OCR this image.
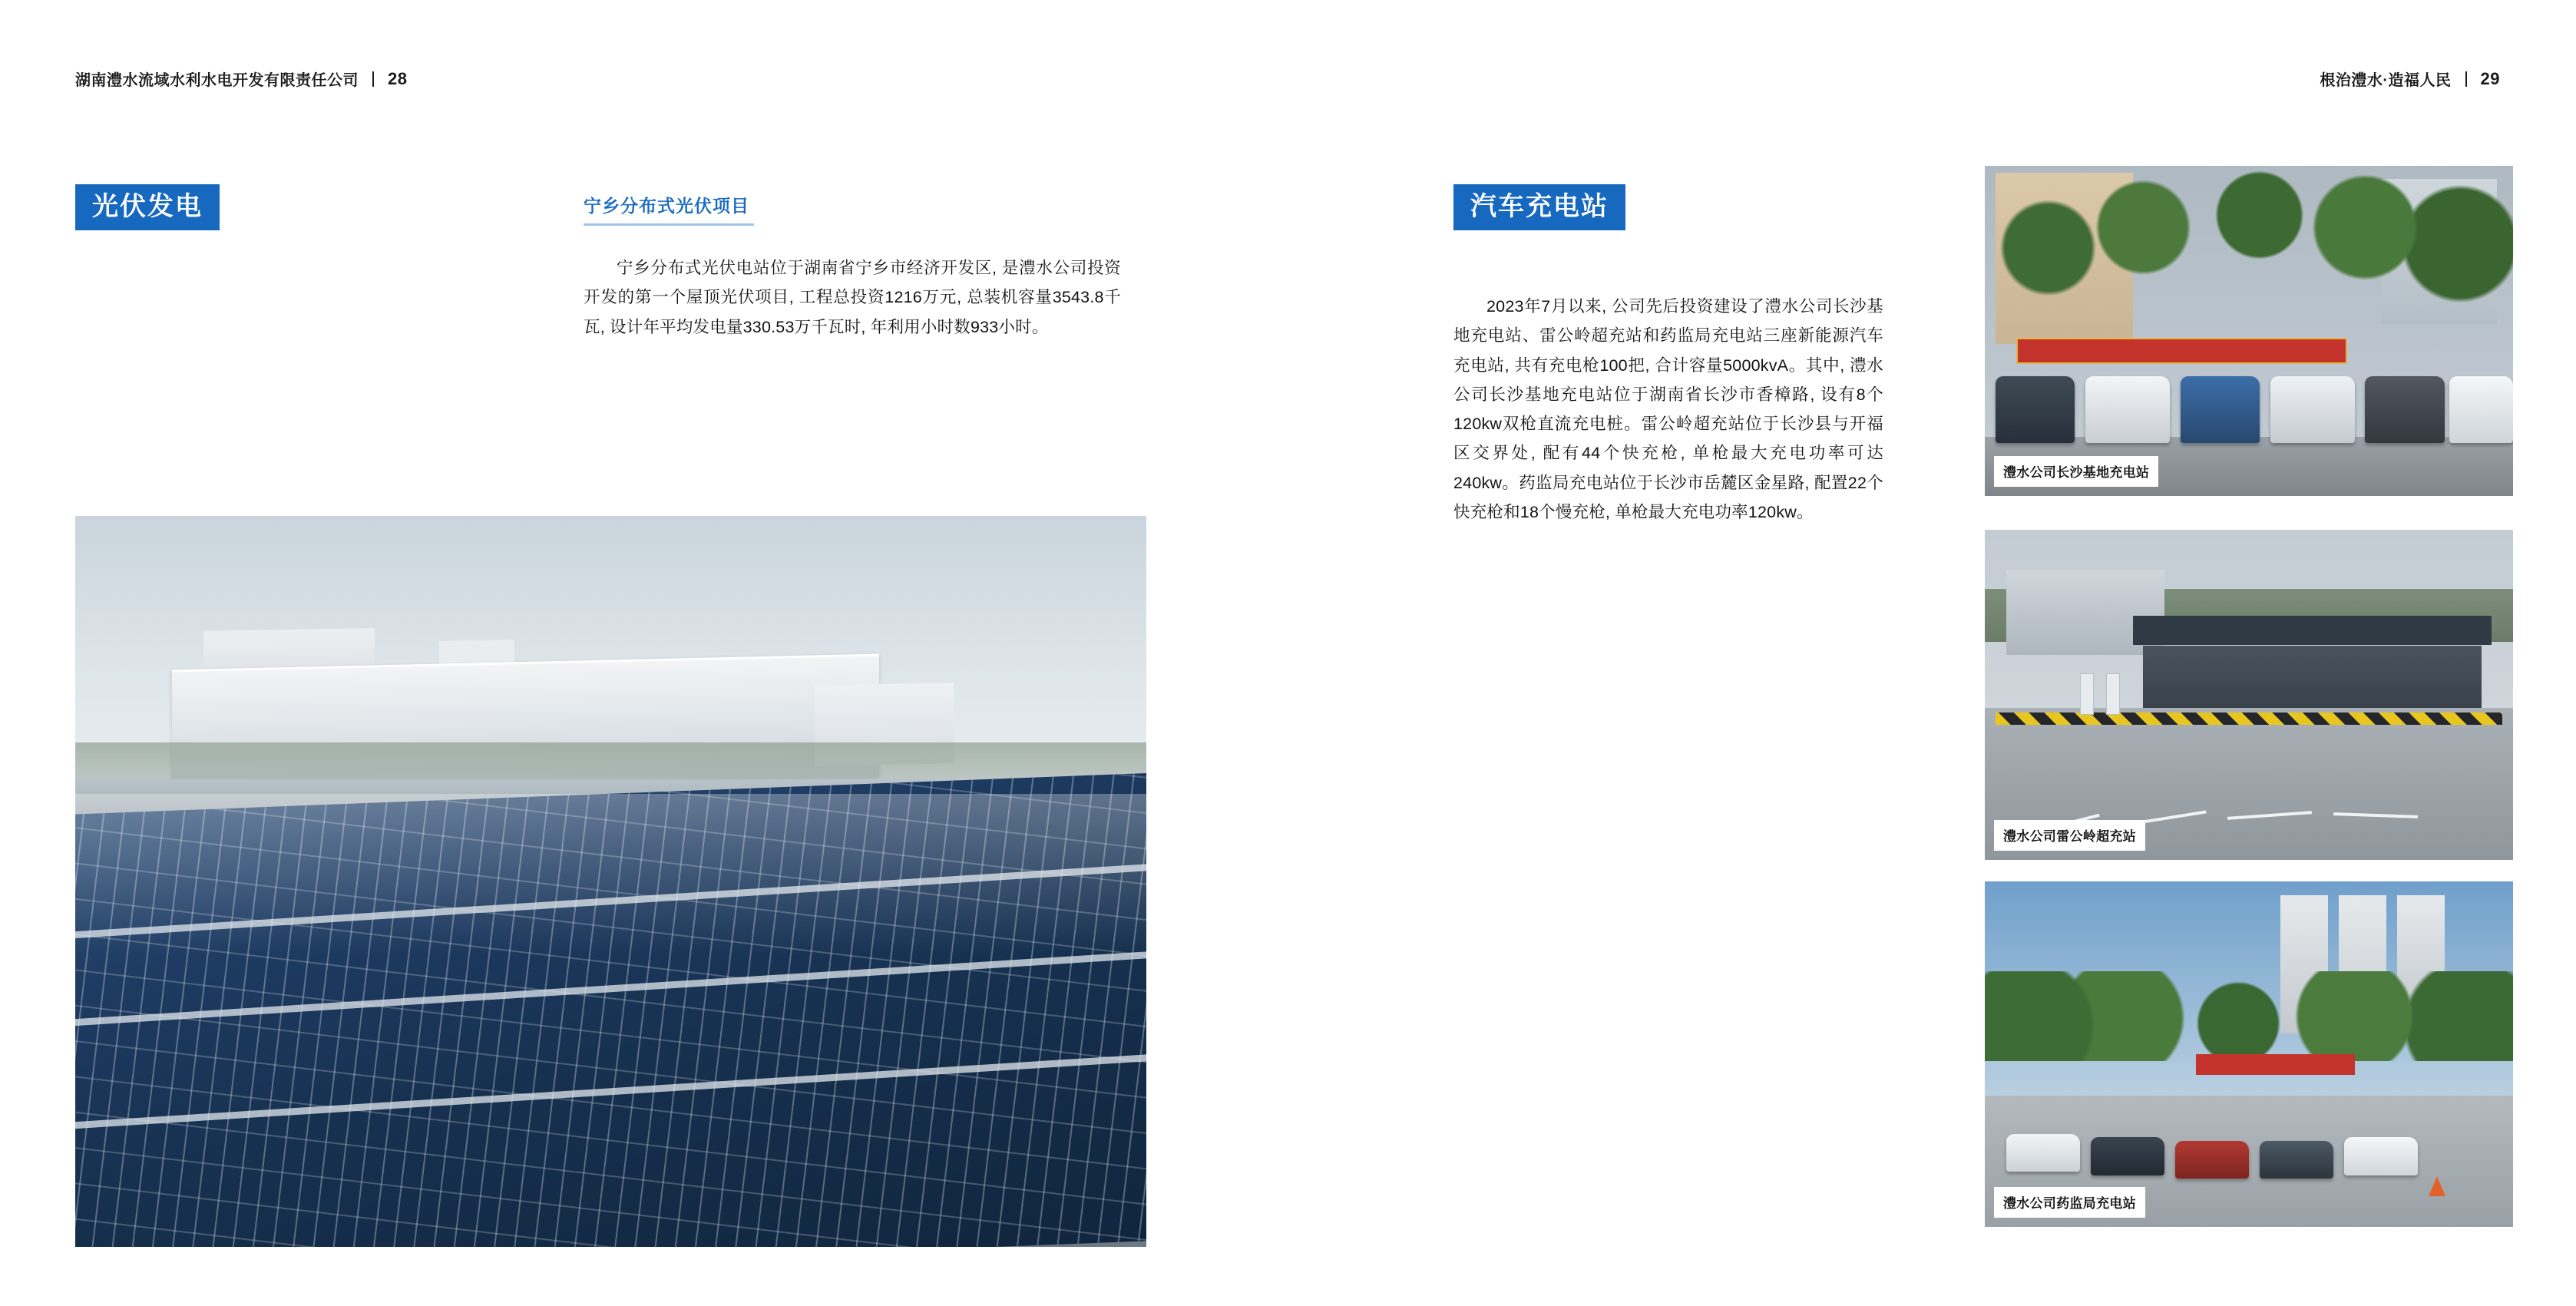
湖南澧水流域水利水电开发有限责任公司 28
光伏发电	宁乡分布式光伏项目

宁乡分布式光伏电站位于湖南省宁乡市经济开发区, 是澧水公司投资开发的第一个屋顶光伏项目, 工程总投资1216万元, 总装机容量3543.8千瓦, 设计年平均发电量330.53万千瓦时, 年利用小时数933小时。

根治澧水·造福人民 29
汽车充电站

2023年7月以来, 公司先后投资建设了澧水公司长沙基地充电站、雷公岭超充站和药监局充电站三座新能源汽车充电站, 共有充电枪100把, 合计容量5000kvA。其中, 澧水公司长沙基地充电站位于湖南省长沙市香樟路, 设有8个120kw双枪直流充电桩。雷公岭超充站位于长沙县与开福区交界处, 配有44个快充枪, 单枪最大充电功率可达240kw。药监局充电站位于长沙市岳麓区金星路, 配置22个快充枪和18个慢充枪, 单枪最大充电功率120kw。

澧水公司长沙基地充电站
澧水公司雷公岭超充站
澧水公司药监局充电站
